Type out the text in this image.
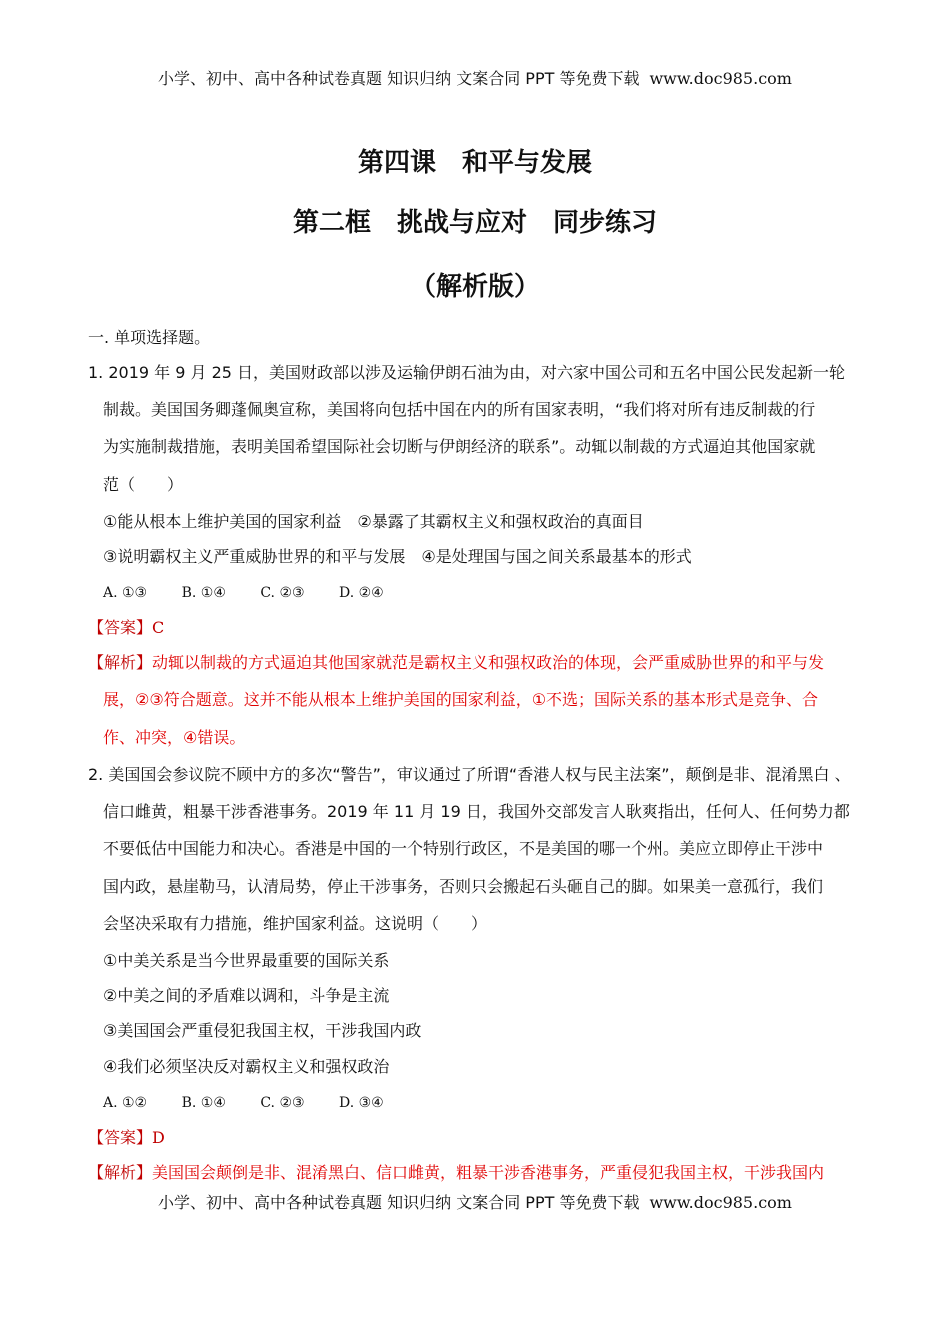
小学、初中、高中各种试卷真题 知识归纳 文案合同 PPT 等免费下载 www.doc985.com
第四课　和平与发展
第二框　挑战与应对　同步练习
（解析版）
一. 单项选择题。
1. 2019 年 9 月 25 日，美国财政部以涉及运输伊朗石油为由，对六家中国公司和五名中国公民发起新一轮
制裁。美国国务卿蓬佩奥宣称，美国将向包括中国在内的所有国家表明，“我们将对所有违反制裁的行
为实施制裁措施，表明美国希望国际社会切断与伊朗经济的联系”。动辄以制裁的方式逼迫其他国家就
范（　　）
①能从根本上维护美国的国家利益　②暴露了其霸权主义和强权政治的真面目
③说明霸权主义严重威胁世界的和平与发展　④是处理国与国之间关系最基本的形式
A. ①③ B. ①④ C. ②③ D. ②④
【答案】C
【解析】动辄以制裁的方式逼迫其他国家就范是霸权主义和强权政治的体现，会严重威胁世界的和平与发
展，②③符合题意。这并不能从根本上维护美国的国家利益，①不选；国际关系的基本形式是竞争、合
作、冲突，④错误。
2. 美国国会参议院不顾中方的多次“警告”，审议通过了所谓“香港人权与民主法案”，颠倒是非、混淆黑白 、
信口雌黄，粗暴干涉香港事务。2019 年 11 月 19 日，我国外交部发言人耿爽指出，任何人、任何势力都
不要低估中国能力和决心。香港是中国的一个特别行政区，不是美国的哪一个州。美应立即停止干涉中
国内政，悬崖勒马，认清局势，停止干涉事务，否则只会搬起石头砸自己的脚。如果美一意孤行，我们
会坚决采取有力措施，维护国家利益。这说明（　　）
①中美关系是当今世界最重要的国际关系
②中美之间的矛盾难以调和，斗争是主流
③美国国会严重侵犯我国主权，干涉我国内政
④我们必须坚决反对霸权主义和强权政治
A. ①② B. ①④ C. ②③ D. ③④
【答案】D
【解析】美国国会颠倒是非、混淆黑白、信口雌黄，粗暴干涉香港事务，严重侵犯我国主权，干涉我国内
小学、初中、高中各种试卷真题 知识归纳 文案合同 PPT 等免费下载 www.doc985.com
